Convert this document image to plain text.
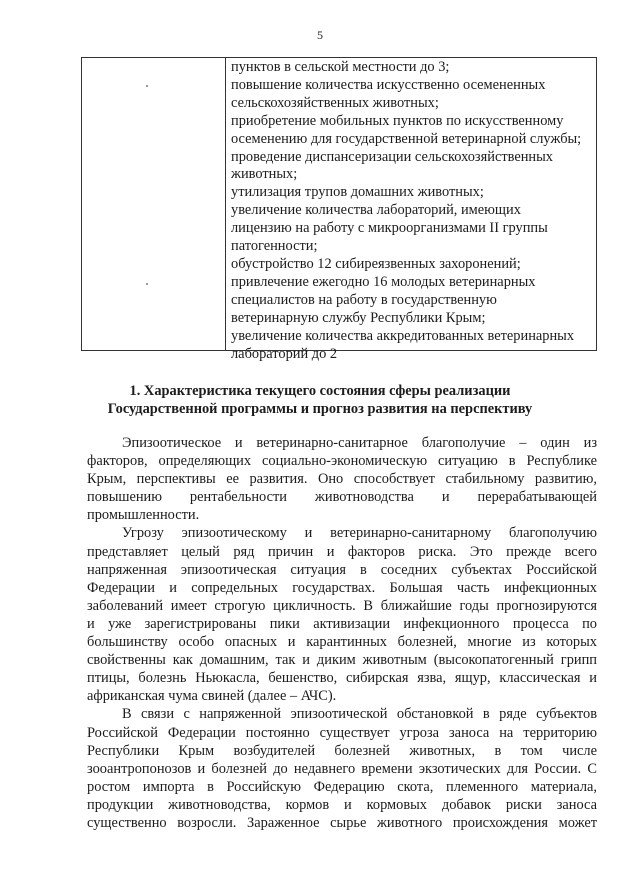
5
пунктов в сельской местности до 3;
повышение количества искусственно осемененных
сельскохозяйственных животных;
приобретение мобильных пунктов по искусственному
осеменению для государственной ветеринарной службы;
проведение диспансеризации сельскохозяйственных
животных;
утилизация трупов домашних животных;
увеличение количества лабораторий, имеющих
лицензию на работу с микроорганизмами II группы
патогенности;
обустройство 12 сибиреязвенных захоронений;
привлечение ежегодно 16 молодых ветеринарных
специалистов на работу в государственную
ветеринарную службу Республики Крым;
увеличение количества аккредитованных ветеринарных
лабораторий до 2
1. Характеристика текущего состояния сферы реализации
Государственной программы и прогноз развития на перспективу
Эпизоотическое и ветеринарно-санитарное благополучие – один из
факторов, определяющих социально-экономическую ситуацию в Республике
Крым, перспективы ее развития. Оно способствует стабильному развитию,
повышению рентабельности животноводства и перерабатывающей
промышленности.
Угрозу эпизоотическому и ветеринарно-санитарному благополучию
представляет целый ряд причин и факторов риска. Это прежде всего
напряженная эпизоотическая ситуация в соседних субъектах Российской
Федерации и сопредельных государствах. Большая часть инфекционных
заболеваний имеет строгую цикличность. В ближайшие годы прогнозируются
и уже зарегистрированы пики активизации инфекционного процесса по
большинству особо опасных и карантинных болезней, многие из которых
свойственны как домашним, так и диким животным (высокопатогенный грипп
птицы, болезнь Ньюкасла, бешенство, сибирская язва, ящур, классическая и
африканская чума свиней (далее – АЧС).
В связи с напряженной эпизоотической обстановкой в ряде субъектов
Российской Федерации постоянно существует угроза заноса на территорию
Республики Крым возбудителей болезней животных, в том числе
зооантропонозов и болезней до недавнего времени экзотических для России. С
ростом импорта в Российскую Федерацию скота, племенного материала,
продукции животноводства, кормов и кормовых добавок риски заноса
существенно возросли. Зараженное сырье животного происхождения может
